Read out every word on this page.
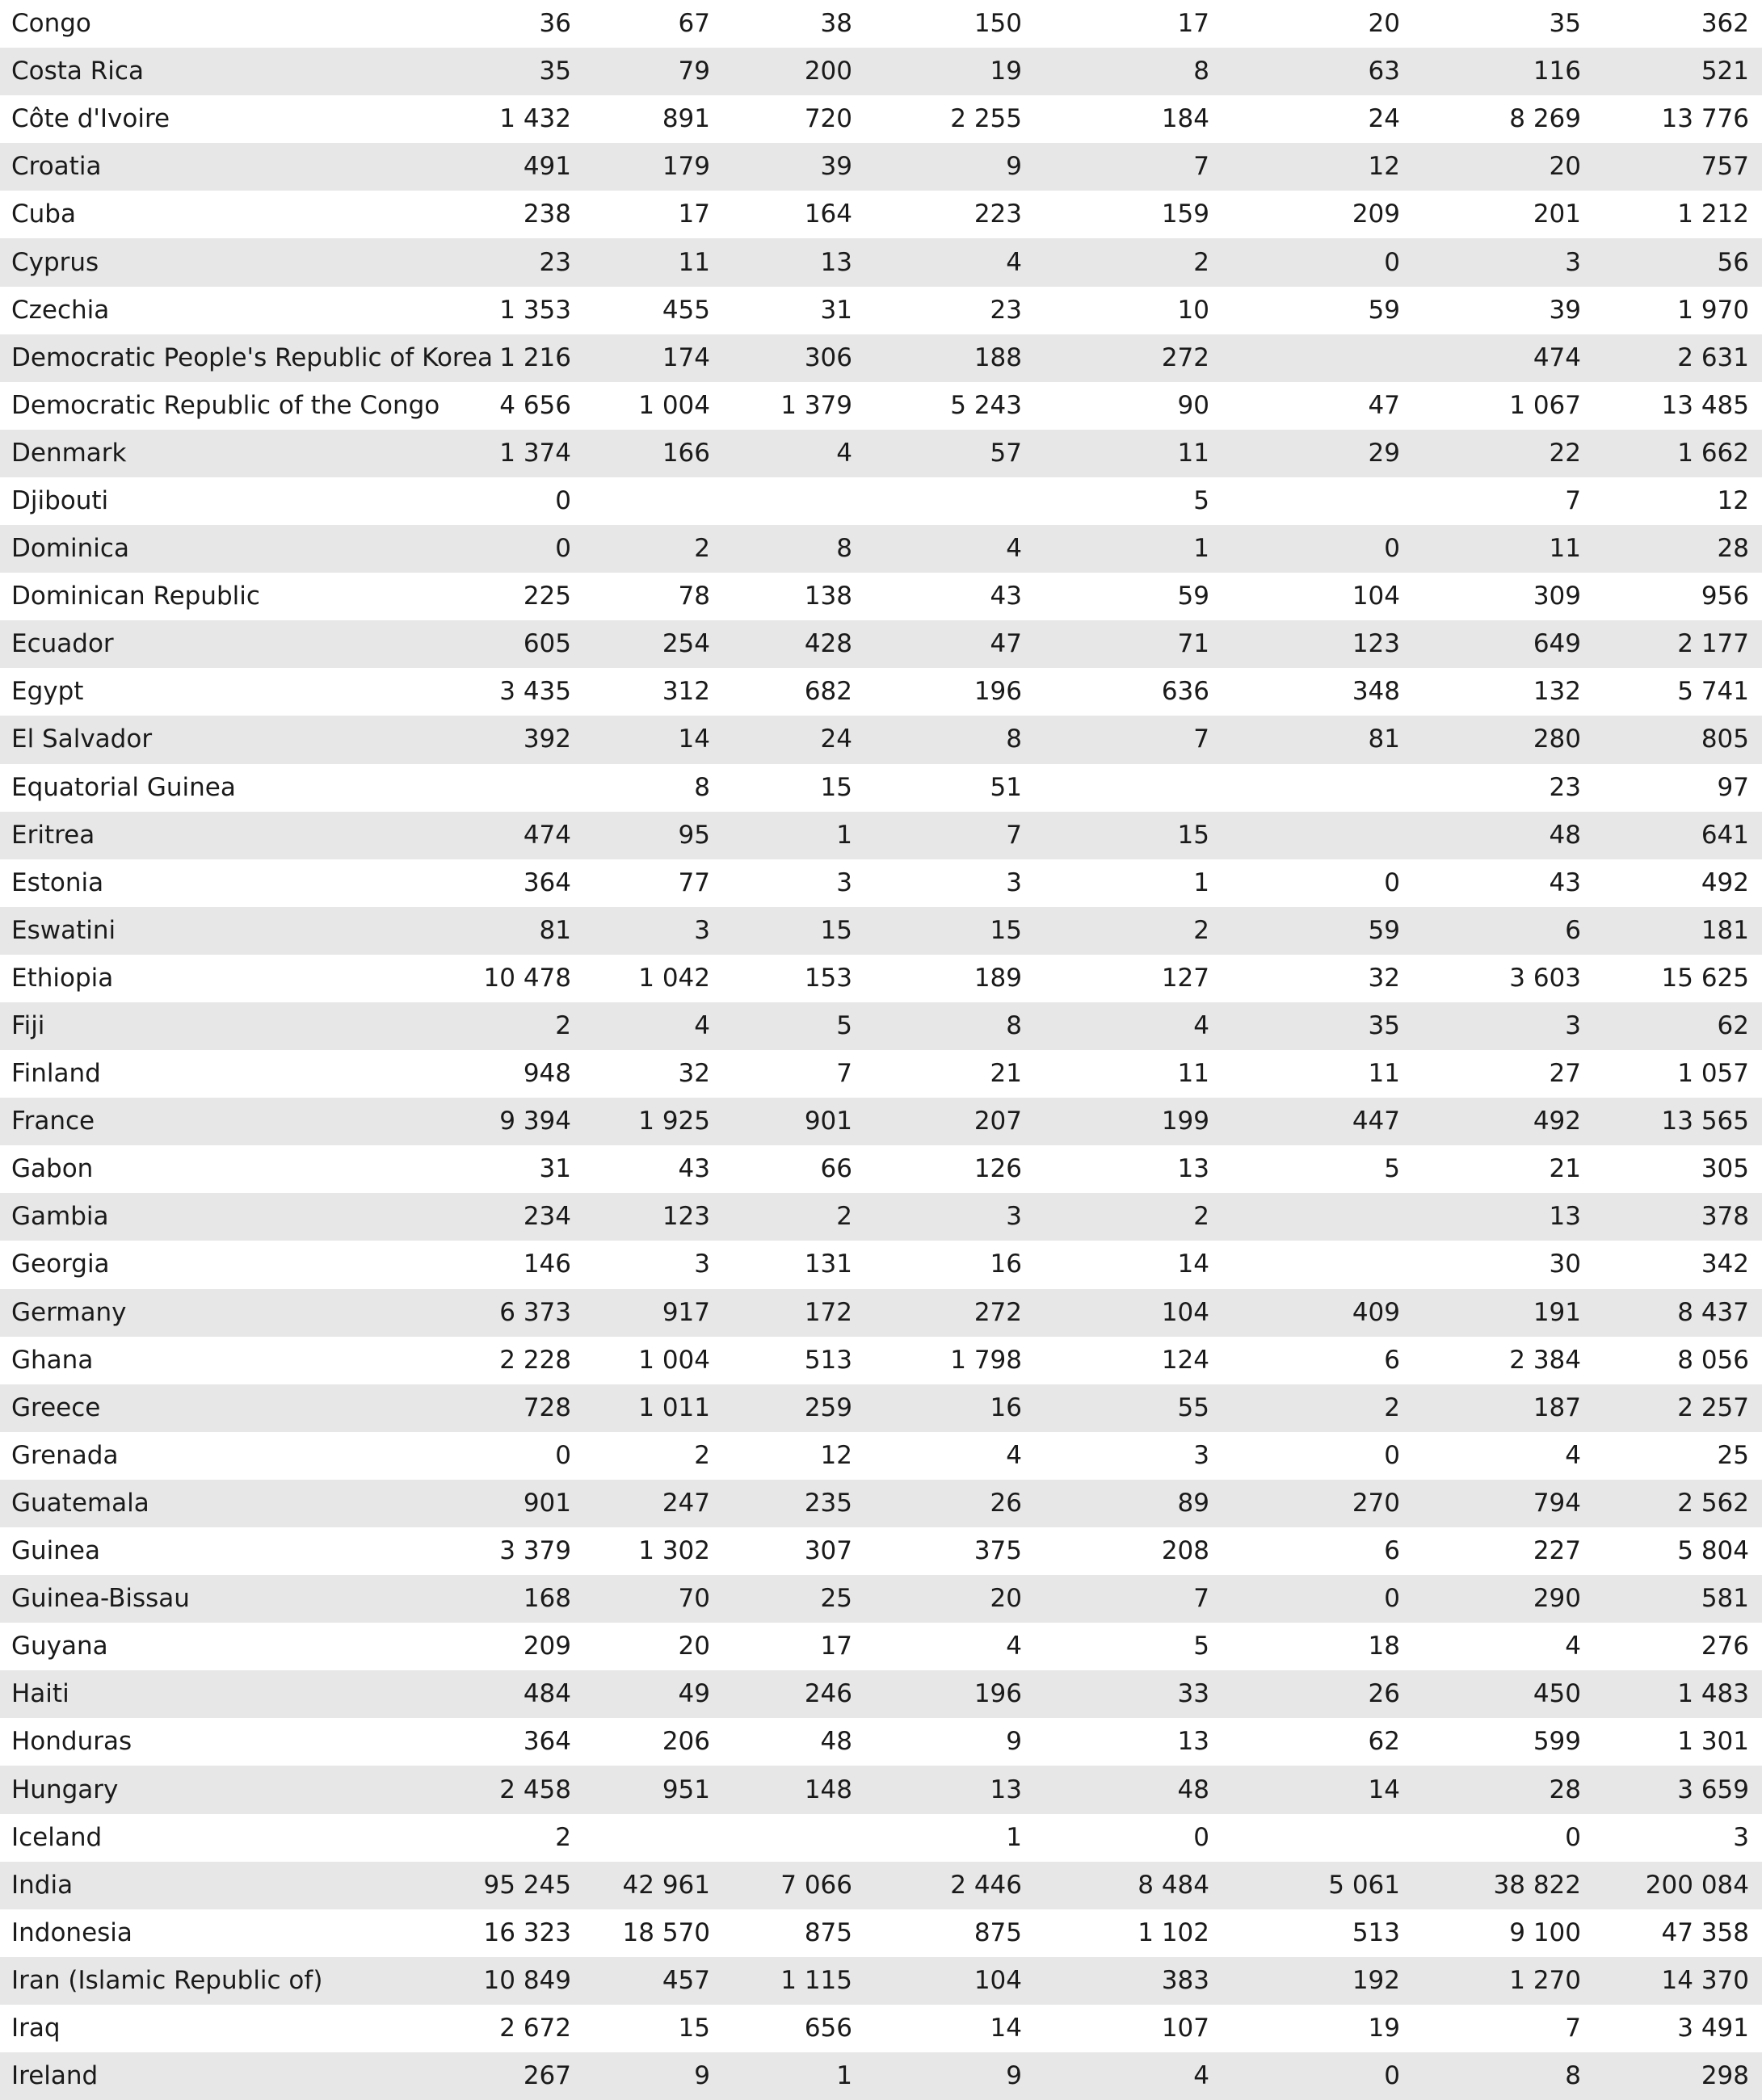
Congo	36	67	38	150	17	20	35	362
Costa Rica	35	79	200	19	8	63	116	521
Côte d'Ivoire	1 432	891	720	2 255	184	24	8 269	13 776
Croatia	491	179	39	9	7	12	20	757
Cuba	238	17	164	223	159	209	201	1 212
Cyprus	23	11	13	4	2	0	3	56
Czechia	1 353	455	31	23	10	59	39	1 970
Democratic People's Republic of Korea	1 216	174	306	188	272		474	2 631
Democratic Republic of the Congo	4 656	1 004	1 379	5 243	90	47	1 067	13 485
Denmark	1 374	166	4	57	11	29	22	1 662
Djibouti	0				5		7	12
Dominica	0	2	8	4	1	0	11	28
Dominican Republic	225	78	138	43	59	104	309	956
Ecuador	605	254	428	47	71	123	649	2 177
Egypt	3 435	312	682	196	636	348	132	5 741
El Salvador	392	14	24	8	7	81	280	805
Equatorial Guinea		8	15	51			23	97
Eritrea	474	95	1	7	15		48	641
Estonia	364	77	3	3	1	0	43	492
Eswatini	81	3	15	15	2	59	6	181
Ethiopia	10 478	1 042	153	189	127	32	3 603	15 625
Fiji	2	4	5	8	4	35	3	62
Finland	948	32	7	21	11	11	27	1 057
France	9 394	1 925	901	207	199	447	492	13 565
Gabon	31	43	66	126	13	5	21	305
Gambia	234	123	2	3	2		13	378
Georgia	146	3	131	16	14		30	342
Germany	6 373	917	172	272	104	409	191	8 437
Ghana	2 228	1 004	513	1 798	124	6	2 384	8 056
Greece	728	1 011	259	16	55	2	187	2 257
Grenada	0	2	12	4	3	0	4	25
Guatemala	901	247	235	26	89	270	794	2 562
Guinea	3 379	1 302	307	375	208	6	227	5 804
Guinea-Bissau	168	70	25	20	7	0	290	581
Guyana	209	20	17	4	5	18	4	276
Haiti	484	49	246	196	33	26	450	1 483
Honduras	364	206	48	9	13	62	599	1 301
Hungary	2 458	951	148	13	48	14	28	3 659
Iceland	2			1	0		0	3
India	95 245	42 961	7 066	2 446	8 484	5 061	38 822	200 084
Indonesia	16 323	18 570	875	875	1 102	513	9 100	47 358
Iran (Islamic Republic of)	10 849	457	1 115	104	383	192	1 270	14 370
Iraq	2 672	15	656	14	107	19	7	3 491
Ireland	267	9	1	9	4	0	8	298
